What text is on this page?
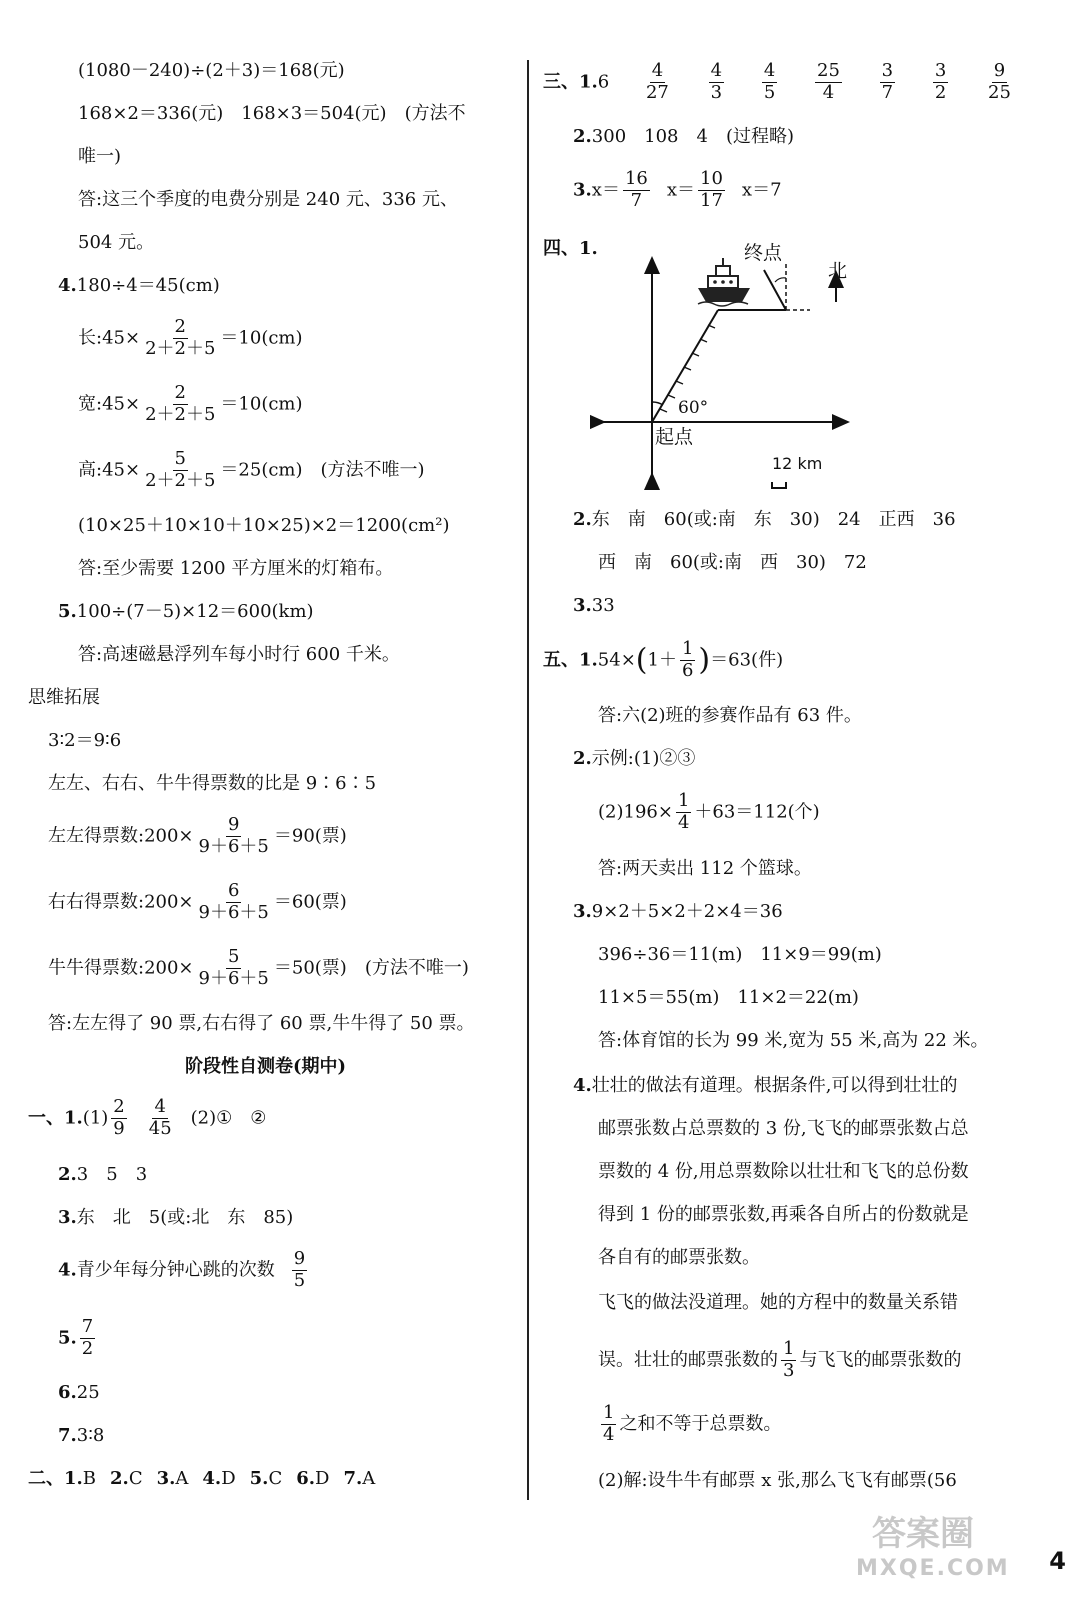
(1080－240)÷(2＋3)＝168(元)
168×2＝336(元)　168×3＝504(元)　(方法不
唯一)
答:这三个季度的电费分别是 240 元、336 元、
504 元。
4.180÷4＝45(cm)
长:45× $\frac{2}{2+2+5} =10(cm)$
宽:45× $\frac{2}{2+2+5} =10(cm)$
高:45× $\frac{5}{2+2+5} =25(cm)$　(方法不唯一)
(10×25＋10×10＋10×25)×2＝1200(cm²)
答:至少需要 1200 平方厘米的灯箱布。
5.100÷(7－5)×12＝600(km)
答:高速磁悬浮列车每小时行 600 千米。
思维拓展
3∶2＝9∶6
左左、右右、牛牛得票数的比是 9∶6∶5
左左得票数:200× $\frac{9}{9+6+5} =90$(票)
右右得票数:200× $\frac{6}{9+6+5} =60$(票)
牛牛得票数:200× $\frac{5}{9+6+5} =50$(票)　(方法不唯一)
答:左左得了 90 票,右右得了 60 票,牛牛得了 50 票。
阶段性自测卷(期中)
一、$1.(1) \frac{2}{9} \frac{4}{45}$ (2)①　②
2.3　5　3
3.东　北　5(或:北　东　85)
4.青少年每分钟心跳的次数 $\frac{9}{5}$
5. $\frac{7}{2}$
6.25
7.3∶8
二、1.B 2.C 3.A 4.D 5.C 6.D 7.A
三、$1.6 \frac{4}{27}$
$\frac{4}{3}$
$\frac{4}{5}$
$\frac{25}{4}$
$\frac{3}{7}$
$\frac{3}{2}$
$\frac{9}{25}$
2.300　108　4　(过程略)
$3.x= \frac{16}{7} x= \frac{10}{17} x=7$
四、1.	终点
北
60°
起点
12 km
2.东　南　60(或:南　东　30)　24　正西　36
西　南　60(或:南　西　30)　72
3.33
五、$1.54\times(1+ \frac{1}{6} )=63$(件)
答:六(2)班的参赛作品有 63 件。
2.示例:(1)②③
$(2)196\times \frac{1}{4} +63=112$(个)
答:两天卖出 112 个篮球。
3.9×2＋5×2＋2×4＝36
396÷36＝11(m)　11×9＝99(m)
11×5＝55(m)　11×2＝22(m)
答:体育馆的长为 99 米,宽为 55 米,高为 22 米。
4.壮壮的做法有道理。根据条件,可以得到壮壮的
邮票张数占总票数的 3 份,飞飞的邮票张数占总
票数的 4 份,用总票数除以壮壮和飞飞的总份数
得到 1 份的邮票张数,再乘各自所占的份数就是
各自有的邮票张数。
飞飞的做法没道理。她的方程中的数量关系错
误。壮壮的邮票张数的 $\frac{1}{3}$ 与飞飞的邮票张数的
$\frac{1}{4}$ 之和不等于总票数。
(2)解:设牛牛有邮票 x 张,那么飞飞有邮票(56
答案圈
MXQE.COM 4
